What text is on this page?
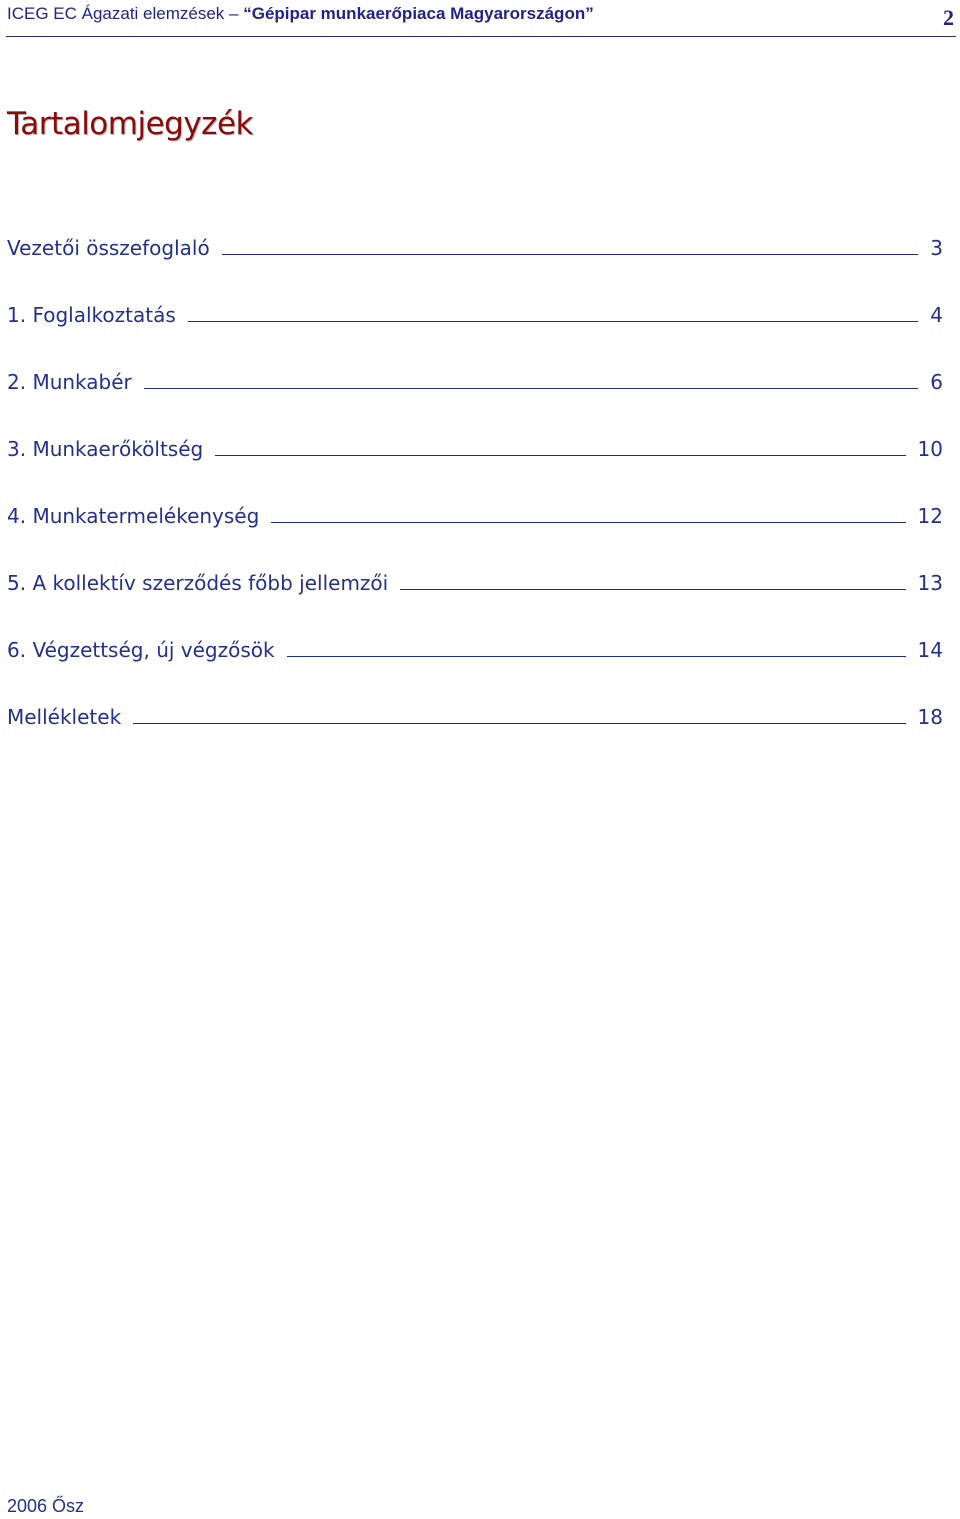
ICEG EC Ágazati elemzések – “Gépipar munkaerőpiaca Magyarországon”	2
Tartalomjegyzék
Vezetői összefoglaló	3
1. Foglalkoztatás	4
2. Munkabér	6
3. Munkaerőköltség	10
4. Munkatermelékenység	12
5. A kollektív szerződés főbb jellemzői	13
6. Végzettség, új végzősök	14
Mellékletek	18
2006 Ősz
